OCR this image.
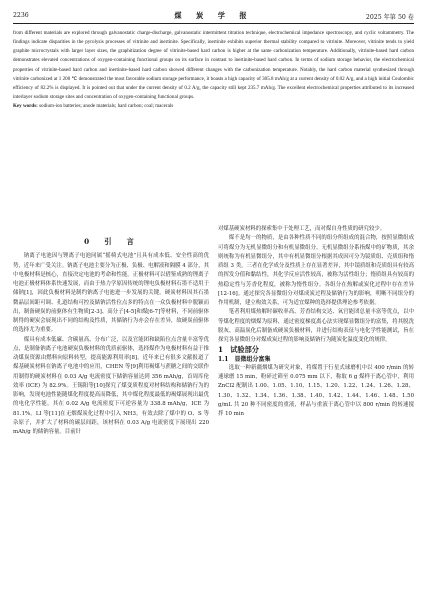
2236	煤 炭 学 报	2025 年第 50 卷

from different materials are explored through galvanostatic charge-discharge, galvanostatic intermittent titration technique, electrochemical impedance spectroscopy, and cyclic voltammetry. The findings indicate disparities in the pyrolysis processes of vitrinite and inertinite. Specifically, inertinite exhibits superior thermal stability compared to vitrinite. Moreover, vitrinite tends to yield graphite microcrystals with larger layer sizes, the graphitization degree of vitrinite-based hard carbon is higher at the same carbonization temperature. Additionally, vitrinite-based hard carbon demonstrates elevated concentrations of oxygen-containing functional groups on its surface in contrast to inertinite-based hard carbon. In terms of sodium storage behavior, the electrochemical properties of vitrinite-based hard carbon and inertinite-based hard carbon showed different changes with the carbonization temperature. Notably, the hard carbon material synthesized through vitrinite carbonized at 1 200 ℃ demonstrated the most favorable sodium storage performance, it boasts a high capacity of 305.8 mAh/g at a current density of 0.02 A/g, and a high initial Coulombic efficiency of 82.2% is displayed. It is pointed out that under the current density of 0.2 A/g, the capacity still kept 235.7 mAh/g. The excellent electrochemical properties attributed to its increased interlayer sodium storage sites and concentration of oxygen-containing functional groups.

Key words: sodium-ion batteries; anode materials; hard carbon; coal; macerals

0　引　言

钠离子电池因与锂离子电池同属“摇椅式电池”且具有成本低、安全性高的优势，近年来广受关注。钠离子电池主要分为正极、负极、电解液和隔膜 4 部分，其中电极材料是核心，直接决定电池的考命和性能。正极材料可以借鉴成熟的锂离子电池正极材料体系快速发展，而由于热力学原因传统的锂电负极材料石墨不适用于储钠[1]，因此负极材料是制约钠离子电池进一步发展的关键。硬炭材料因其石墨微晶层间距可调、孔道结构可控及储钠活性位点多的特点在一众负极材料中脱颖而出，制备硬炭的前驱体有生物质[2-3]、高分子[4-5]和煤[6-7]等材料，不同前驱体制得的硬炭会展现出不同的结构及性质，其储钠行为亦会存在差异，故硬炭前驱体的选择尤为重要。

煤具有成本低廉、含碳量高、分布广泛，以及官能团和缺陷位点含量丰富等优点，是制备钠离子电池硬炭负极材料的优质前驱体，选择煤作为电极材料有益于推动煤炭资源由燃料向原料转型，提高能源利用率[8]。近年来已有很多文献报道了煤基硬炭材料在钠离子电池中的应用，CHEN 等[9]利用褐煤与蔗糖之间的交联作用制得的硬炭材料在 0.03 A/g 电流密度下储钠容量达到 356 mAh/g，首周库伦效率 (ICE) 为 82.9%。王锡阳等[10]探究了煤变质程度对材料结构和储钠行为的影响，发现电池性能随煤化程度提高而降低，其中煤化程度最低的褐煤展现出最优的电化学性能，其在 0.02 A/g 电流密度下可逆容量为 338.8 mAh/g，ICE 为 81.1%。LI 等[11]在无烟煤炭化过程中引入 NH3，有效去除了煤中的 O、S 等杂原子，并扩大了材料的碳层间距，该材料在 0.03 A/g 电流密度下展现出 220 mAh/g 的储钠容量。目前针

对煤基硬炭材料的探索集中于处理工艺，而对煤自身性质的研究较少。

煤不是均一的物质，是由各种性质不同的组分所组成的混合物，按照显微组成可将煤分为无机显微组分和有机显微组分。无机显微组分系指煤中的矿物质，其余则统称为有机显微组分，其中有机显微组分根据其成因可分为镜质组、壳质组和惰质组 3 类，三者在化学成分及性质上存在显著差异，其中镜质组和壳质组具有较高的挥发分值和黏结性，其化学反应活性较高，被称为活性组分；惰质组具有较高的热稳定性与芳香化程度，被称为惰性组分。各组分在热解或炭化过程中存在差异[12-16]。通过探究各显微组分对煤成炭过程及储钠行为的影响，明晰不同组分的作用机制，建立构效关系，可为适宜煤种的选择提供理论参考依据。

笔者利用煤热解时碳收率高、芳香结构交达、氧官能团总量丰富等优点，以中等煤化程度的烟煤为原料，通过密度梯度离心法实现煤显微组分的富集，将其脱洗脱灰、高温炭化后制备成硬炭负极材料，并进行结构表征与电化学性能测试，旨在探究各显微组分对煤成炭过程的影响及储钠行为随炭化温度变化的规律。

1　试验部分

1.1　显微组分富集

选取一种新疆烟煤为研究对象，将煤置于行星式球磨机中以 400 r/min 的转速球磨 15 min，粉碎过筛至 0.075 mm 以下，称取 6 g 煤样于离心管中，利用 ZnCl2 配制出 1.00、1.05、1.10、1.15、1.20、1.22、1.24、1.26、1.28、1.30、1.32、1.34、1.36、1.38、1.40、1.42、1.44、1.46、1.48、1.50 g/mL 共 20 种不同密度的重液，样品与重液于离心管中以 800 r/min 的转速搅拌 10 min
